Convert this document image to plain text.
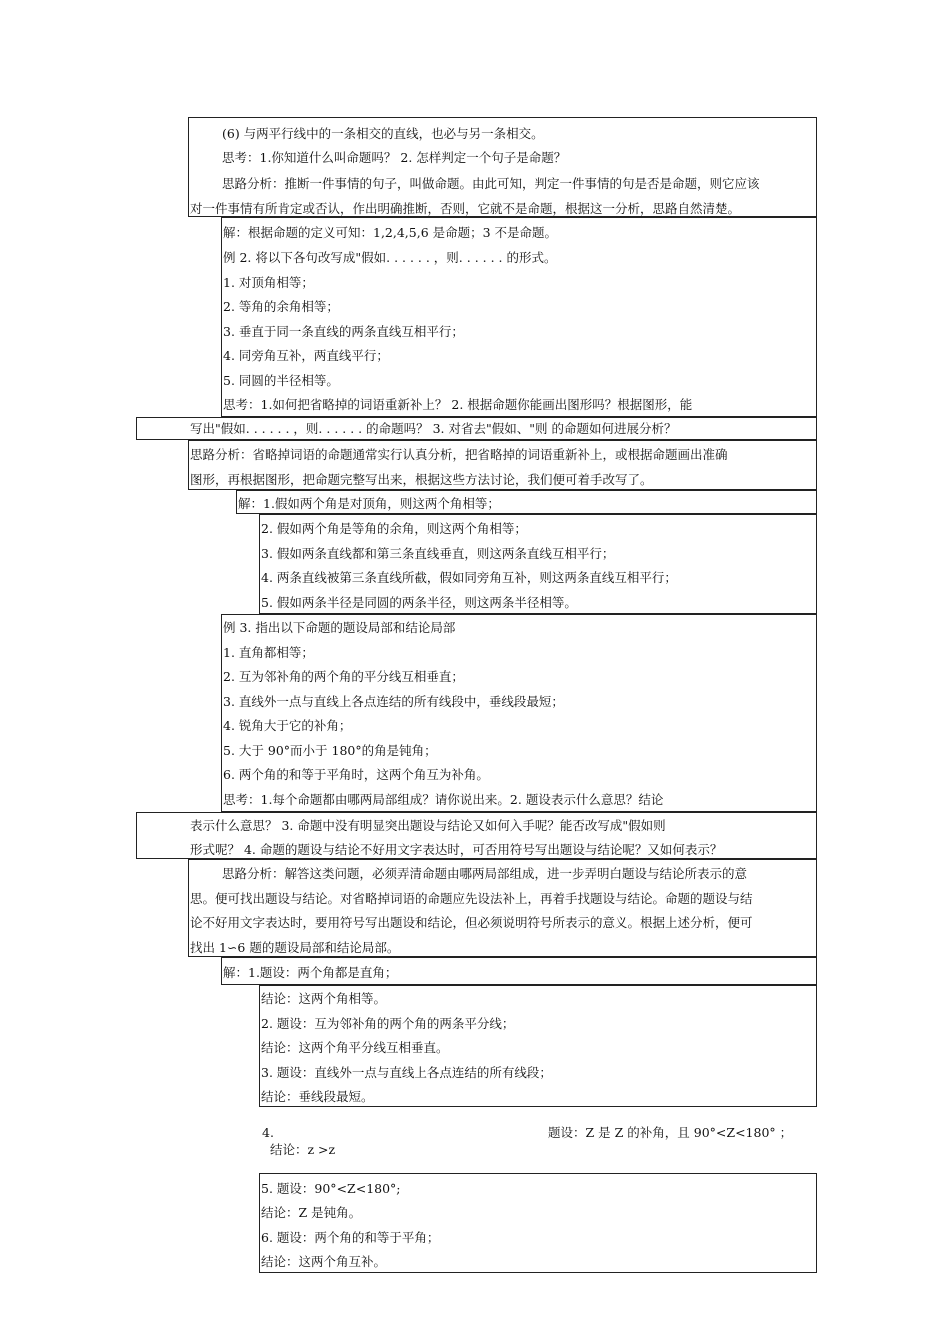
(6) 与两平行线中的一条相交的直线，也必与另一条相交。
思考：1.你知道什么叫命题吗？ 2. 怎样判定一个句子是命题？
思路分析：推断一件事情的句子，叫做命题。由此可知，判定一件事情的句是否是命题，则它应该
对一件事情有所肯定或否认，作出明确推断，否则，它就不是命题，根据这一分析，思路自然清楚。
解：根据命题的定义可知：1,2,4,5,6 是命题；3 不是命题。
例 2. 将以下各句改写成"假如. . . . . . ，则. . . . . . 的形式。
1. 对顶角相等；
2. 等角的余角相等；
3. 垂直于同一条直线的两条直线互相平行；
4. 同旁角互补，两直线平行；
5. 同圆的半径相等。
思考：1.如何把省略掉的词语重新补上？ 2. 根据命题你能画出图形吗？根据图形，能
写出"假如. . . . . . ，则. . . . . . 的命题吗？ 3. 对省去"假如、"则 的命题如何进展分析？
思路分析：省略掉词语的命题通常实行认真分析，把省略掉的词语重新补上，或根据命题画出准确
图形，再根据图形，把命题完整写出来，根据这些方法讨论，我们便可着手改写了。
解：1.假如两个角是对顶角，则这两个角相等；
2. 假如两个角是等角的余角，则这两个角相等；
3. 假如两条直线都和第三条直线垂直，则这两条直线互相平行；
4. 两条直线被第三条直线所截，假如同旁角互补，则这两条直线互相平行；
5. 假如两条半径是同圆的两条半径，则这两条半径相等。
例 3. 指出以下命题的题设局部和结论局部
1. 直角都相等；
2. 互为邻补角的两个角的平分线互相垂直；
3. 直线外一点与直线上各点连结的所有线段中，垂线段最短；
4. 锐角大于它的补角；
5. 大于 90°而小于 180°的角是钝角；
6. 两个角的和等于平角时，这两个角互为补角。
思考：1.每个命题都由哪两局部组成？请你说出来。2. 题设表示什么意思？结论
表示什么意思？ 3. 命题中没有明显突出题设与结论又如何入手呢？能否改写成"假如则
形式呢？ 4. 命题的题设与结论不好用文字表达时，可否用符号写出题设与结论呢？又如何表示？
思路分析：解答这类问题，必须弄清命题由哪两局部组成，进一步弄明白题设与结论所表示的意
思。便可找出题设与结论。对省略掉词语的命题应先设法补上，再着手找题设与结论。命题的题设与结
论不好用文字表达时，要用符号写出题设和结论，但必须说明符号所表示的意义。根据上述分析，便可
找出 1∽6 题的题设局部和结论局部。
解：1.题设：两个角都是直角；
结论：这两个角相等。
2. 题设：互为邻补角的两个角的两条平分线；
结论：这两个角平分线互相垂直。
3. 题设：直线外一点与直线上各点连结的所有线段；
结论：垂线段最短。
4.	题设：Z 是 Z 的补角，且 90°<Z<180° ；
结论：z >z
5. 题设：90°<Z<180°;
结论：Z 是钝角。
6. 题设：两个角的和等于平角；
结论：这两个角互补。
